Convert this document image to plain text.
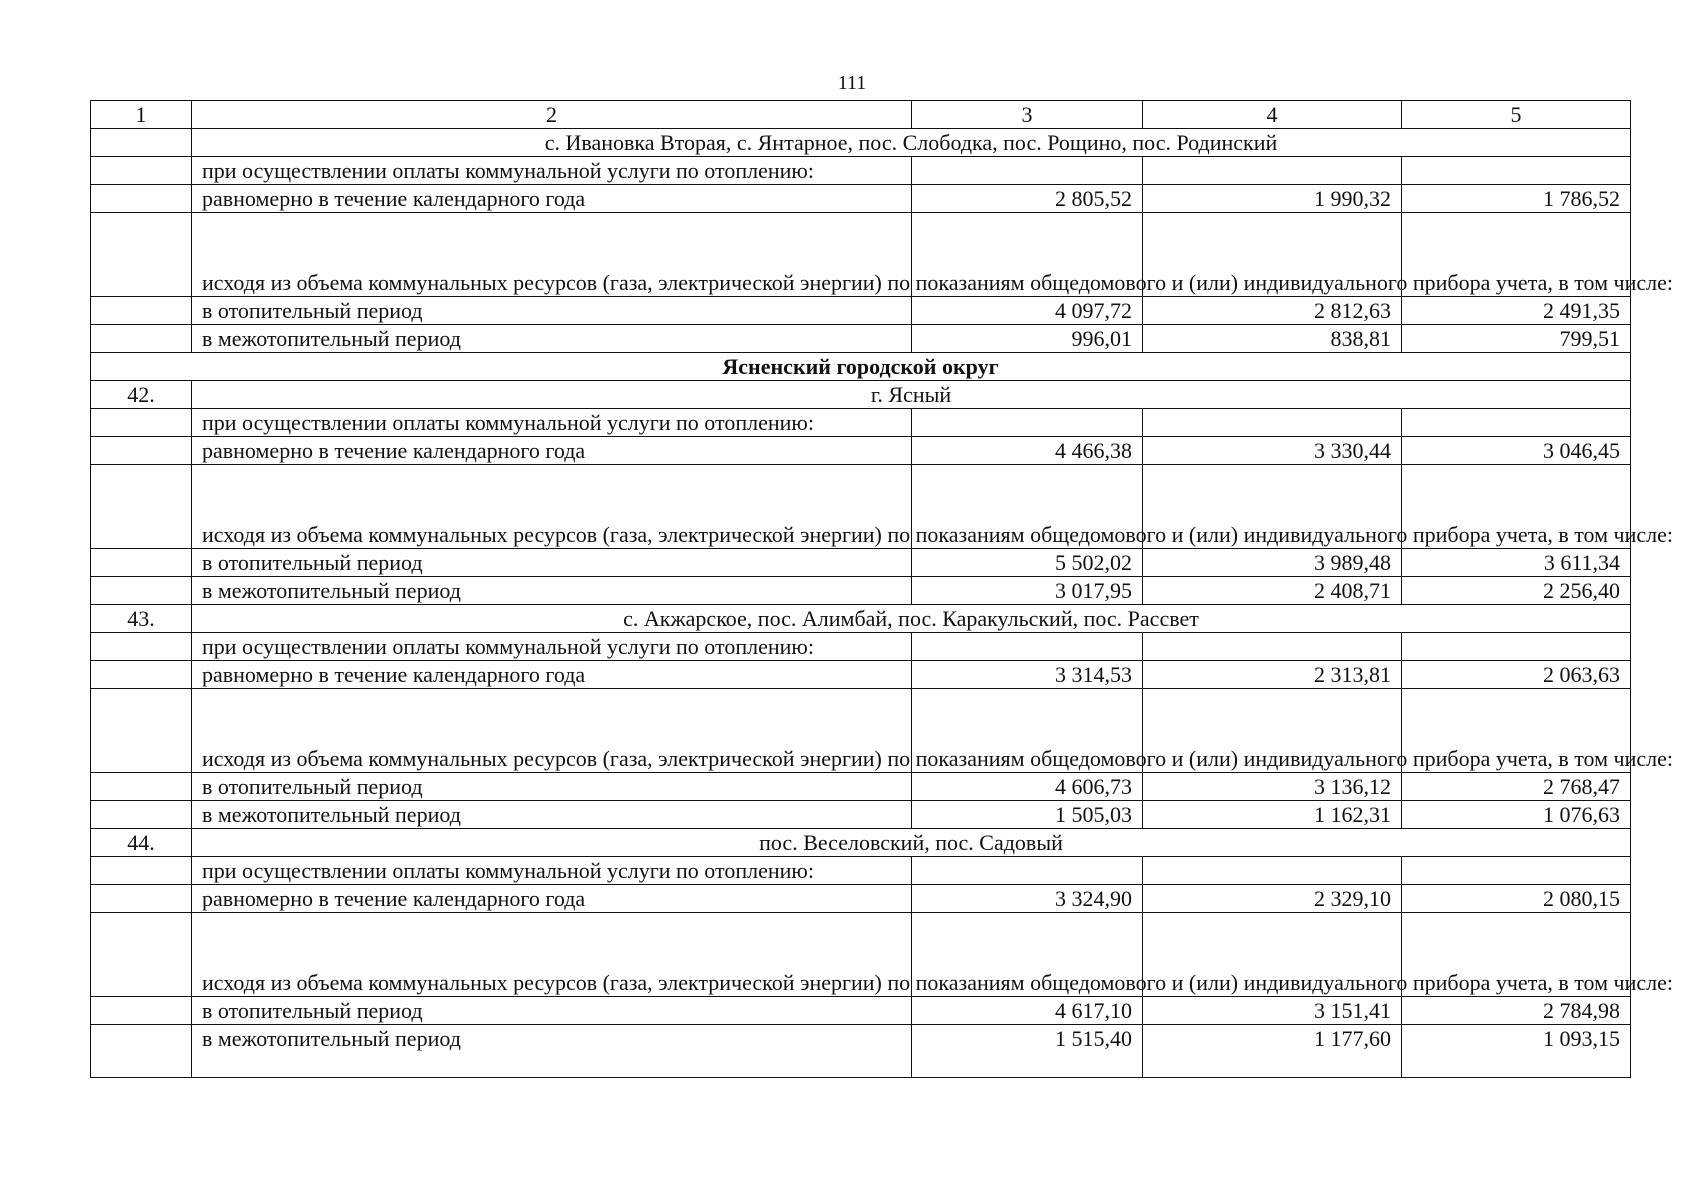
111
1	2	3	4	5
	с. Ивановка Вторая, с. Янтарное, пос. Слободка, пос. Рощино, пос. Родинский			
	при осуществлении оплаты коммунальной услуги по отоплению:			
	равномерно в течение календарного года	2 805,52	1 990,32	1 786,52
	исходя из объема коммунальных ресурсов (газа, электрической энергии) по показаниям общедомового и (или) индивидуального прибора учета, в том числе:			
	в отопительный период	4 097,72	2 812,63	2 491,35
	в межотопительный период	996,01	838,81	799,51
Ясненский городской округ				
42.	г. Ясный			
	при осуществлении оплаты коммунальной услуги по отоплению:			
	равномерно в течение календарного года	4 466,38	3 330,44	3 046,45
	исходя из объема коммунальных ресурсов (газа, электрической энергии) по показаниям общедомового и (или) индивидуального прибора учета, в том числе:			
	в отопительный период	5 502,02	3 989,48	3 611,34
	в межотопительный период	3 017,95	2 408,71	2 256,40
43.	с. Акжарское, пос. Алимбай, пос. Каракульский, пос. Рассвет			
	при осуществлении оплаты коммунальной услуги по отоплению:			
	равномерно в течение календарного года	3 314,53	2 313,81	2 063,63
	исходя из объема коммунальных ресурсов (газа, электрической энергии) по показаниям общедомового и (или) индивидуального прибора учета, в том числе:			
	в отопительный период	4 606,73	3 136,12	2 768,47
	в межотопительный период	1 505,03	1 162,31	1 076,63
44.	пос. Веселовский, пос. Садовый			
	при осуществлении оплаты коммунальной услуги по отоплению:			
	равномерно в течение календарного года	3 324,90	2 329,10	2 080,15
	исходя из объема коммунальных ресурсов (газа, электрической энергии) по показаниям общедомового и (или) индивидуального прибора учета, в том числе:			
	в отопительный период	4 617,10	3 151,41	2 784,98
	в межотопительный период	1 515,40	1 177,60	1 093,15
